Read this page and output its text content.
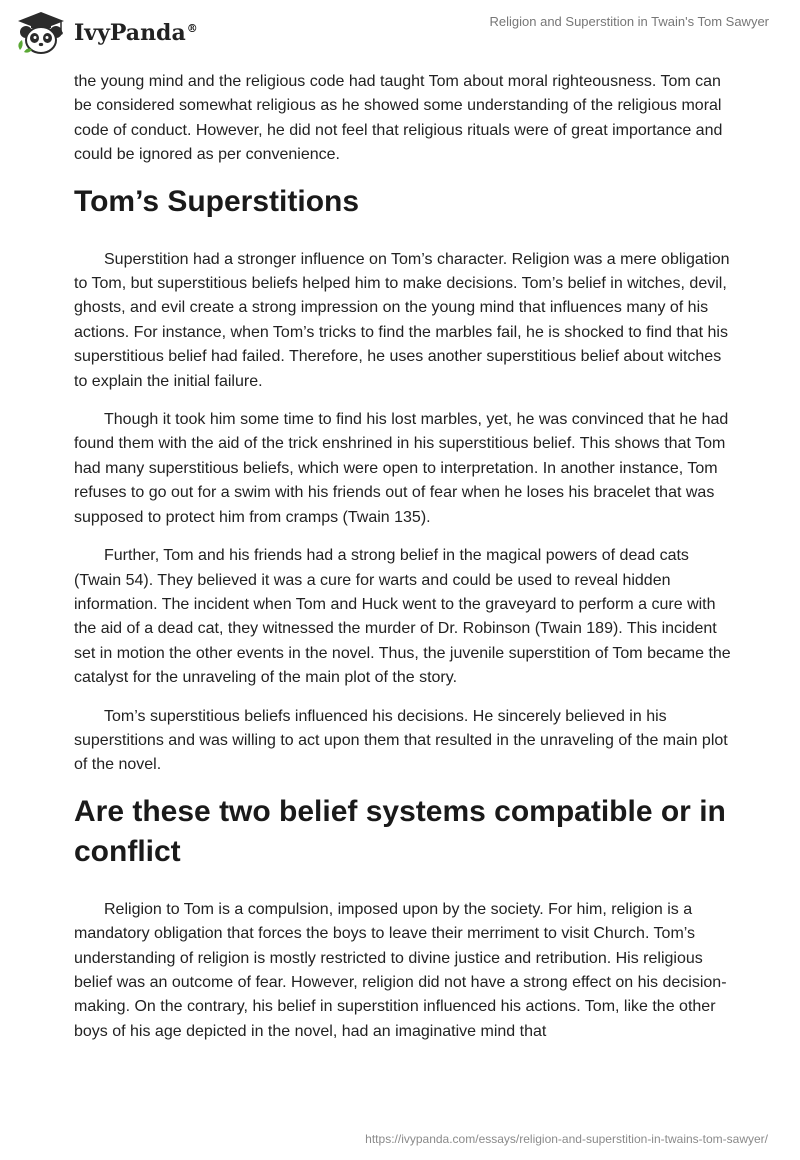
IvyPanda®	Religion and Superstition in Twain's Tom Sawyer

the young mind and the religious code had taught Tom about moral righteousness. Tom can be considered somewhat religious as he showed some understanding of the religious moral code of conduct. However, he did not feel that religious rituals were of great importance and could be ignored as per convenience.

Tom’s Superstitions

Superstition had a stronger influence on Tom’s character. Religion was a mere obligation to Tom, but superstitious beliefs helped him to make decisions. Tom’s belief in witches, devil, ghosts, and evil create a strong impression on the young mind that influences many of his actions. For instance, when Tom’s tricks to find the marbles fail, he is shocked to find that his superstitious belief had failed. Therefore, he uses another superstitious belief about witches to explain the initial failure.

Though it took him some time to find his lost marbles, yet, he was convinced that he had found them with the aid of the trick enshrined in his superstitious belief. This shows that Tom had many superstitious beliefs, which were open to interpretation. In another instance, Tom refuses to go out for a swim with his friends out of fear when he loses his bracelet that was supposed to protect him from cramps (Twain 135).

Further, Tom and his friends had a strong belief in the magical powers of dead cats (Twain 54). They believed it was a cure for warts and could be used to reveal hidden information. The incident when Tom and Huck went to the graveyard to perform a cure with the aid of a dead cat, they witnessed the murder of Dr. Robinson (Twain 189). This incident set in motion the other events in the novel. Thus, the juvenile superstition of Tom became the catalyst for the unraveling of the main plot of the story.

Tom’s superstitious beliefs influenced his decisions. He sincerely believed in his superstitions and was willing to act upon them that resulted in the unraveling of the main plot of the novel.

Are these two belief systems compatible or in conflict

Religion to Tom is a compulsion, imposed upon by the society. For him, religion is a mandatory obligation that forces the boys to leave their merriment to visit Church. Tom’s understanding of religion is mostly restricted to divine justice and retribution. His religious belief was an outcome of fear. However, religion did not have a strong effect on his decision-making. On the contrary, his belief in superstition influenced his actions. Tom, like the other boys of his age depicted in the novel, had an imaginative mind that

https://ivypanda.com/essays/religion-and-superstition-in-twains-tom-sawyer/
